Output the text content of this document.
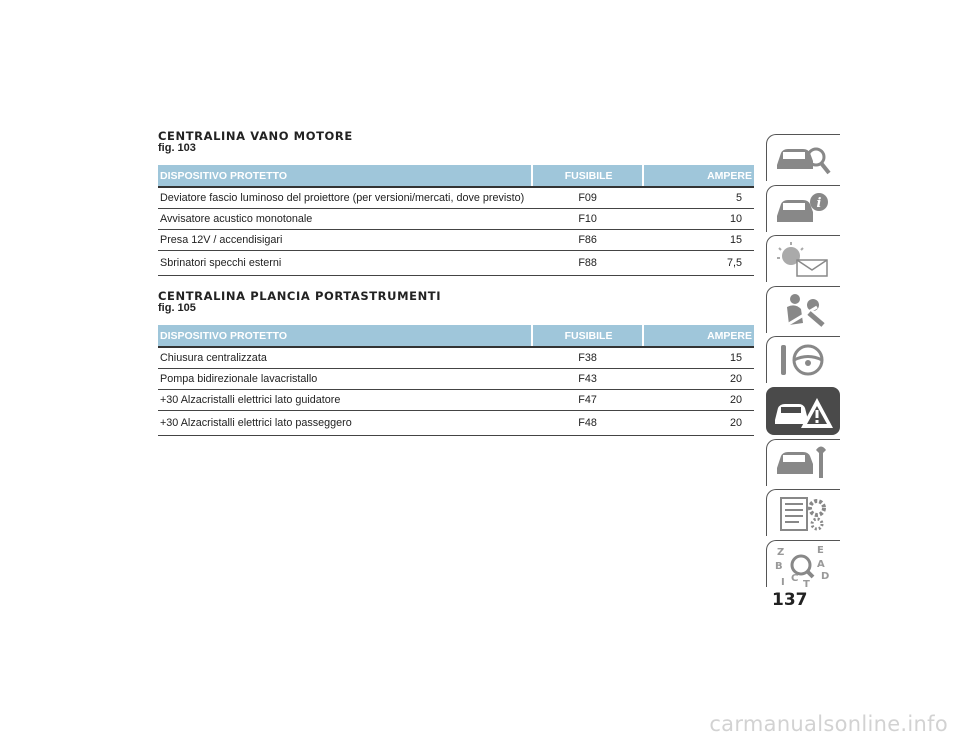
CENTRALINA VANO MOTORE
fig. 103
DISPOSITIVO PROTETTO	FUSIBILE	AMPERE
Deviatore fascio luminoso del proiettore (per versioni/mercati, dove previsto)	F09	5
Avvisatore acustico monotonale	F10	10
Presa 12V / accendisigari	F86	15
Sbrinatori specchi esterni	F88	7,5
CENTRALINA PLANCIA PORTASTRUMENTI
fig. 105
DISPOSITIVO PROTETTO	FUSIBILE	AMPERE
Chiusura centralizzata	F38	15
Pompa bidirezionale lavacristallo	F43	20
+30 Alzacristalli elettrici lato guidatore	F47	20
+30 Alzacristalli elettrici lato passeggero	F48	20
i
Z	E
B	A
D
C
T
I
137
carmanualsonline.info
